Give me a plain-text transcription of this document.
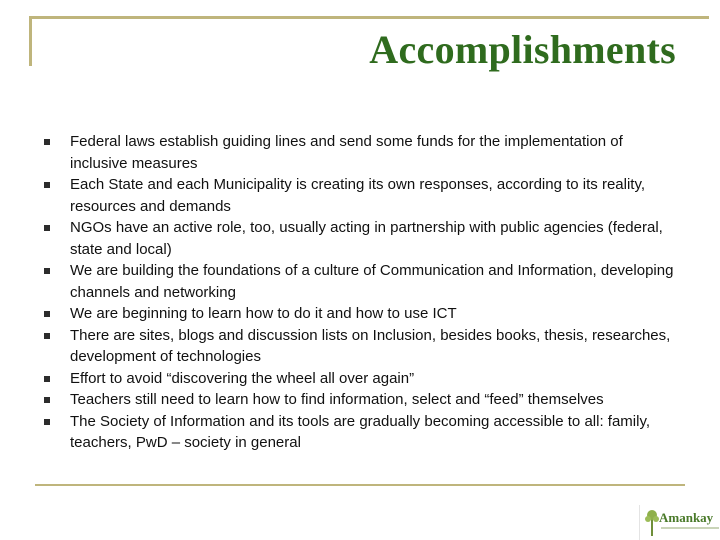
Accomplishments
Federal laws establish guiding lines and send some funds for the implementation of inclusive measures
Each State and each Municipality is creating its own responses, according to its reality, resources and demands
NGOs have an active role, too, usually acting in partnership with public agencies (federal, state and local)
We are building the foundations of a culture of Communication and Information, developing channels and networking
We are beginning to learn how to do it and how to use ICT
There are sites, blogs and discussion lists on Inclusion, besides books, thesis, researches, development of technologies
Effort to avoid “discovering the wheel all over again”
Teachers still need to learn how to find information, select and “feed” themselves
The Society of Information and its tools are gradually becoming accessible to all: family, teachers, PwD – society in general
Amankay
